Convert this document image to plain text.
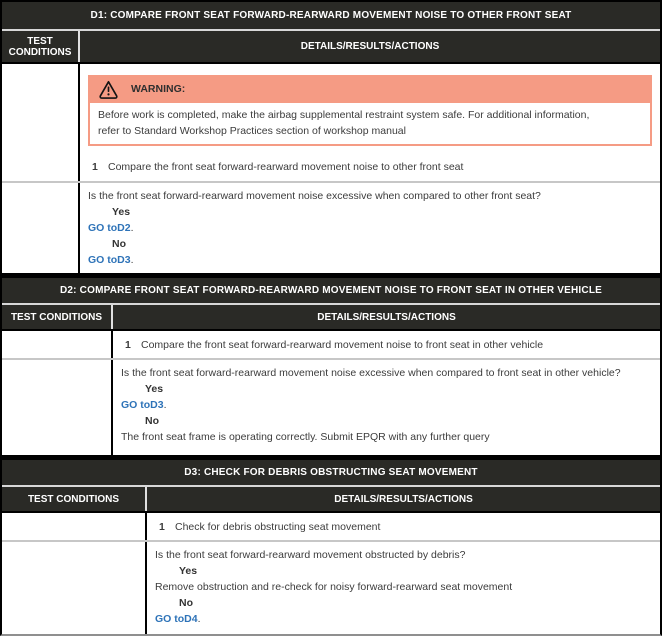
D1: COMPARE FRONT SEAT FORWARD-REARWARD MOVEMENT NOISE TO OTHER FRONT SEAT
TEST CONDITIONS	DETAILS/RESULTS/ACTIONS
WARNING:
Before work is completed, make the airbag supplemental restraint system safe. For additional information, refer to Standard Workshop Practices section of workshop manual
1 Compare the front seat forward-rearward movement noise to other front seat
Is the front seat forward-rearward movement noise excessive when compared to other front seat?
Yes
GO toD2.
No
GO toD3.
D2: COMPARE FRONT SEAT FORWARD-REARWARD MOVEMENT NOISE TO FRONT SEAT IN OTHER VEHICLE
TEST CONDITIONS	DETAILS/RESULTS/ACTIONS
1 Compare the front seat forward-rearward movement noise to front seat in other vehicle
Is the front seat forward-rearward movement noise excessive when compared to front seat in other vehicle?
Yes
GO toD3.
No
The front seat frame is operating correctly. Submit EPQR with any further query
D3: CHECK FOR DEBRIS OBSTRUCTING SEAT MOVEMENT
TEST CONDITIONS	DETAILS/RESULTS/ACTIONS
1 Check for debris obstructing seat movement
Is the front seat forward-rearward movement obstructed by debris?
Yes
Remove obstruction and re-check for noisy forward-rearward seat movement
No
GO toD4.
